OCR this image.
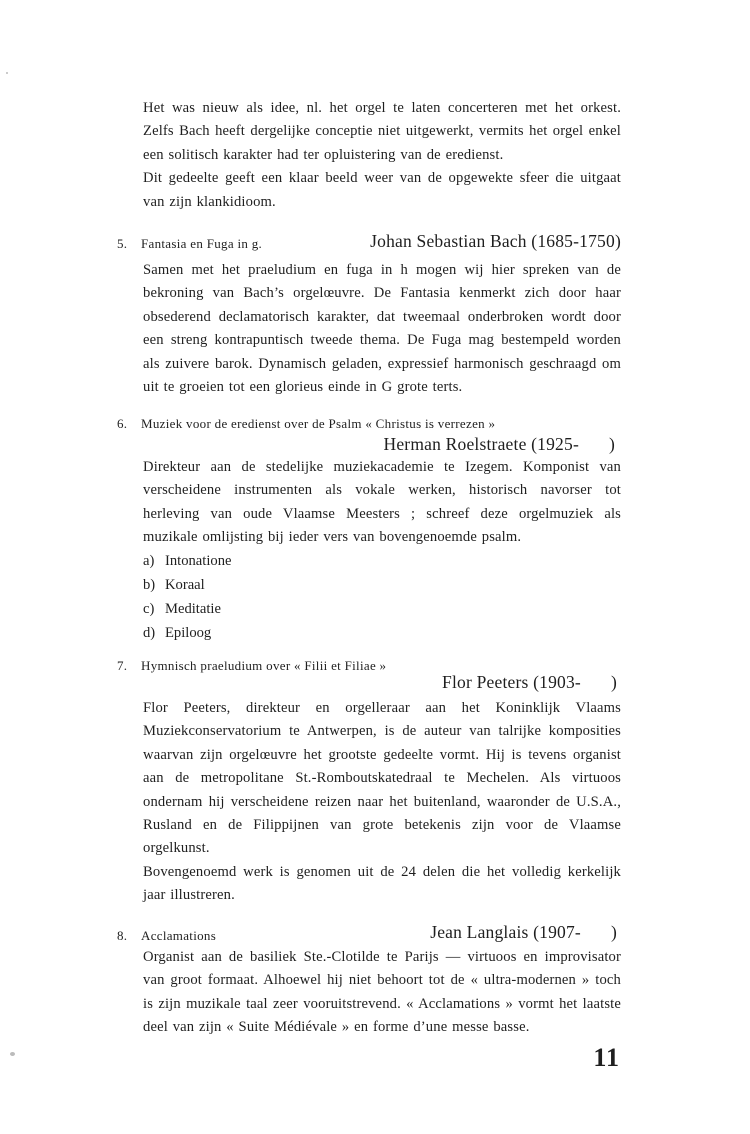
Het was nieuw als idee, nl. het orgel te laten concerteren met het orkest. Zelfs Bach heeft dergelijke conceptie niet uitgewerkt, vermits het orgel enkel een solitisch karakter had ter opluistering van de eredienst.

Dit gedeelte geeft een klaar beeld weer van de opgewekte sfeer die uitgaat van zijn klankidioom.

5. Fantasia en Fuga in g.	Johan Sebastian Bach (1685-1750)

Samen met het praeludium en fuga in h mogen wij hier spreken van de bekroning van Bach’s orgelœuvre. De Fantasia kenmerkt zich door haar obsederend declamatorisch karakter, dat tweemaal onderbroken wordt door een streng kontrapuntisch tweede thema. De Fuga mag bestempeld worden als zuivere barok. Dynamisch geladen, expressief harmonisch geschraagd om uit te groeien tot een glorieus einde in G grote terts.

6. Muziek voor de eredienst over de Psalm « Christus is verrezen »
Herman Roelstraete (1925- )

Direkteur aan de stedelijke muziekacademie te Izegem. Komponist van verscheidene instrumenten als vokale werken, historisch navorser tot herleving van oude Vlaamse Meesters ; schreef deze orgelmuziek als muzikale omlijsting bij ieder vers van bovengenoemde psalm.

a) Intonatione
b) Koraal
c) Meditatie
d) Epiloog
7. Hymnisch praeludium over « Filii et Filiae »
Flor Peeters (1903- )

Flor Peeters, direkteur en orgelleraar aan het Koninklijk Vlaams Muziekconservatorium te Antwerpen, is de auteur van talrijke komposities waarvan zijn orgelœuvre het grootste gedeelte vormt. Hij is tevens organist aan de metropolitane St.-Romboutskatedraal te Mechelen. Als virtuoos ondernam hij verscheidene reizen naar het buitenland, waaronder de U.S.A., Rusland en de Filippijnen van grote betekenis zijn voor de Vlaamse orgelkunst.

Bovengenoemd werk is genomen uit de 24 delen die het volledig kerkelijk jaar illustreren.

8. Acclamations	Jean Langlais (1907- )

Organist aan de basiliek Ste.-Clotilde te Parijs — virtuoos en improvisator van groot formaat. Alhoewel hij niet behoort tot de « ultra-modernen » toch is zijn muzikale taal zeer vooruitstrevend. « Acclamations » vormt het laatste deel van zijn « Suite Médiévale » en forme d’une messe basse.

11
